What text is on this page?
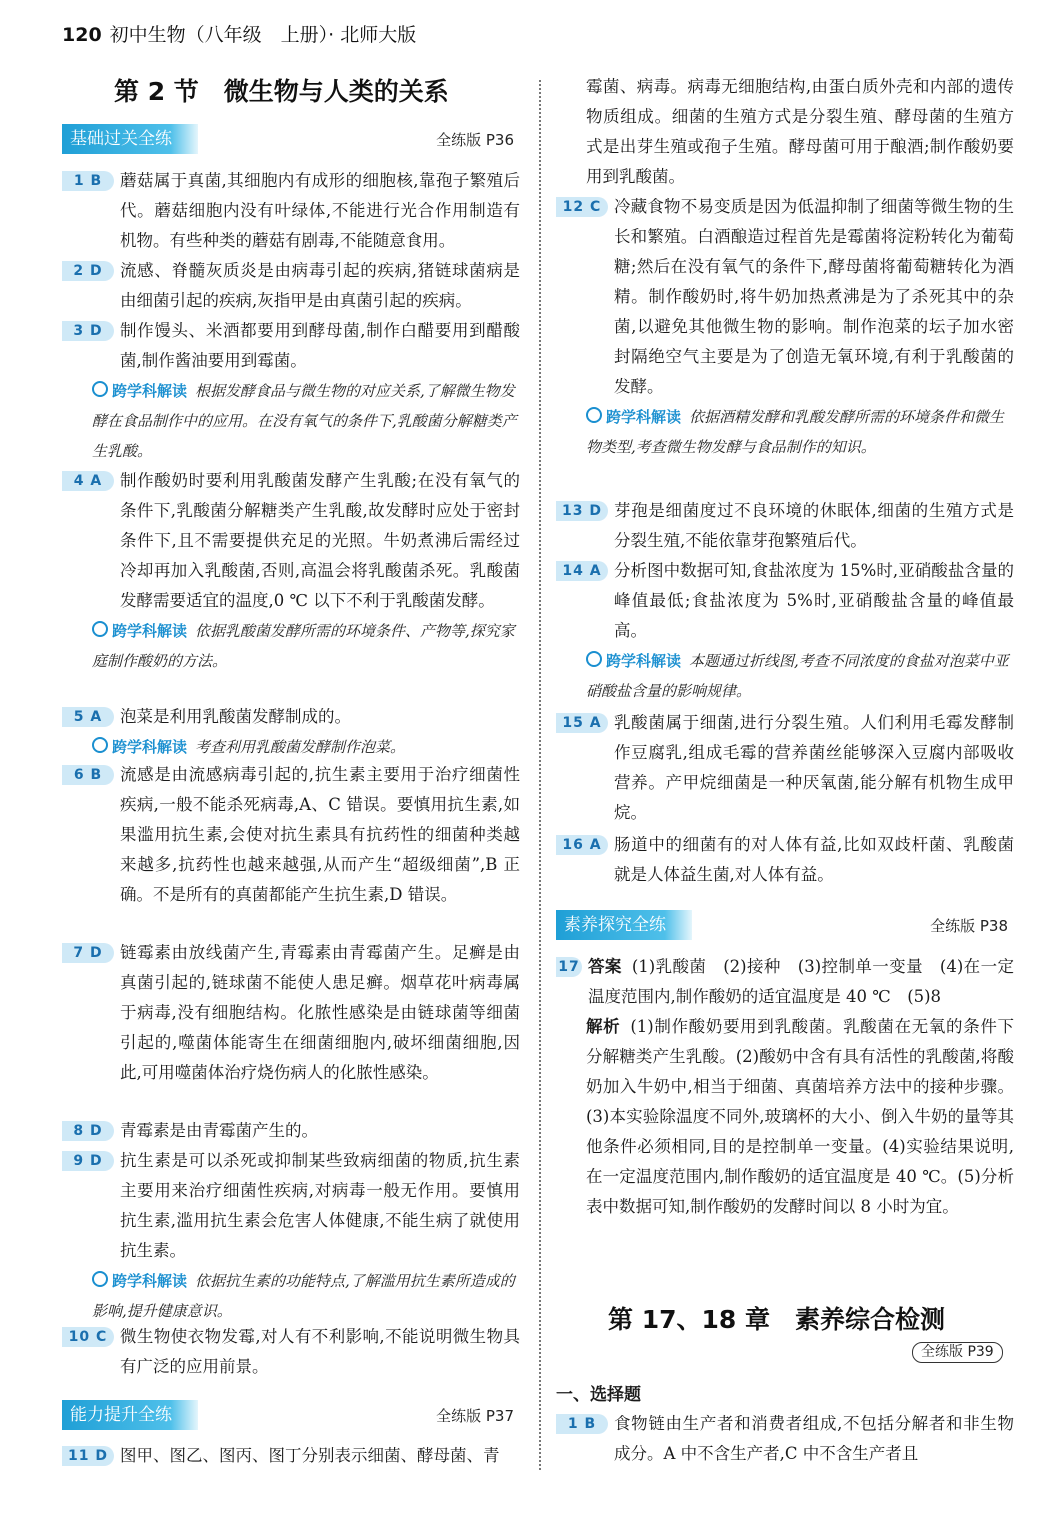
120 初中生物（八年级　上册）· 北师大版
第 2 节　微生物与人类的关系
基础过关全练	全练版 P36
1 B	蘑菇属于真菌,其细胞内有成形的细胞核,靠孢子繁殖后代。蘑菇细胞内没有叶绿体,不能进行光合作用制造有机物。有些种类的蘑菇有剧毒,不能随意食用。
2 D	流感、脊髓灰质炎是由病毒引起的疾病,猪链球菌病是由细菌引起的疾病,灰指甲是由真菌引起的疾病。
3 D	制作馒头、米酒都要用到酵母菌,制作白醋要用到醋酸菌,制作酱油要用到霉菌。
跨学科解读 根据发酵食品与微生物的对应关系,了解微生物发酵在食品制作中的应用。在没有氧气的条件下,乳酸菌分解糖类产生乳酸。
4 A	制作酸奶时要利用乳酸菌发酵产生乳酸;在没有氧气的条件下,乳酸菌分解糖类产生乳酸,故发酵时应处于密封条件下,且不需要提供充足的光照。牛奶煮沸后需经过冷却再加入乳酸菌,否则,高温会将乳酸菌杀死。乳酸菌发酵需要适宜的温度,0 ℃ 以下不利于乳酸菌发酵。
跨学科解读 依据乳酸菌发酵所需的环境条件、产物等,探究家庭制作酸奶的方法。
5 A	泡菜是利用乳酸菌发酵制成的。
跨学科解读 考查利用乳酸菌发酵制作泡菜。
6 B	流感是由流感病毒引起的,抗生素主要用于治疗细菌性疾病,一般不能杀死病毒,A、C 错误。要慎用抗生素,如果滥用抗生素,会使对抗生素具有抗药性的细菌种类越来越多,抗药性也越来越强,从而产生“超级细菌”,B 正确。不是所有的真菌都能产生抗生素,D 错误。
7 D	链霉素由放线菌产生,青霉素由青霉菌产生。足癣是由真菌引起的,链球菌不能使人患足癣。烟草花叶病毒属于病毒,没有细胞结构。化脓性感染是由链球菌等细菌引起的,噬菌体能寄生在细菌细胞内,破坏细菌细胞,因此,可用噬菌体治疗烧伤病人的化脓性感染。
8 D	青霉素是由青霉菌产生的。
9 D	抗生素是可以杀死或抑制某些致病细菌的物质,抗生素主要用来治疗细菌性疾病,对病毒一般无作用。要慎用抗生素,滥用抗生素会危害人体健康,不能生病了就使用抗生素。
跨学科解读 依据抗生素的功能特点,了解滥用抗生素所造成的影响,提升健康意识。
10 C 微生物使衣物发霉,对人有不利影响,不能说明微生物具有广泛的应用前景。
能力提升全练	全练版 P37
11 D 图甲、图乙、图丙、图丁分别表示细菌、酵母菌、青
霉菌、病毒。病毒无细胞结构,由蛋白质外壳和内部的遗传物质组成。细菌的生殖方式是分裂生殖、酵母菌的生殖方式是出芽生殖或孢子生殖。酵母菌可用于酿酒;制作酸奶要用到乳酸菌。
12 C 冷藏食物不易变质是因为低温抑制了细菌等微生物的生长和繁殖。白酒酿造过程首先是霉菌将淀粉转化为葡萄糖;然后在没有氧气的条件下,酵母菌将葡萄糖转化为酒精。制作酸奶时,将牛奶加热煮沸是为了杀死其中的杂菌,以避免其他微生物的影响。制作泡菜的坛子加水密封隔绝空气主要是为了创造无氧环境,有利于乳酸菌的发酵。
跨学科解读 依据酒精发酵和乳酸发酵所需的环境条件和微生物类型,考查微生物发酵与食品制作的知识。
13 D 芽孢是细菌度过不良环境的休眠体,细菌的生殖方式是分裂生殖,不能依靠芽孢繁殖后代。
14 A 分析图中数据可知,食盐浓度为 15%时,亚硝酸盐含量的峰值最低;食盐浓度为 5%时,亚硝酸盐含量的峰值最高。
跨学科解读 本题通过折线图,考查不同浓度的食盐对泡菜中亚硝酸盐含量的影响规律。
15 A 乳酸菌属于细菌,进行分裂生殖。人们利用毛霉发酵制作豆腐乳,组成毛霉的营养菌丝能够深入豆腐内部吸收营养。产甲烷细菌是一种厌氧菌,能分解有机物生成甲烷。
16 A 肠道中的细菌有的对人体有益,比如双歧杆菌、乳酸菌就是人体益生菌,对人体有益。
素养探究全练	全练版 P38
17 答案 (1)乳酸菌　(2)接种　(3)控制单一变量　(4)在一定温度范围内,制作酸奶的适宜温度是 40 ℃　(5)8
解析 (1)制作酸奶要用到乳酸菌。乳酸菌在无氧的条件下分解糖类产生乳酸。(2)酸奶中含有具有活性的乳酸菌,将酸奶加入牛奶中,相当于细菌、真菌培养方法中的接种步骤。(3)本实验除温度不同外,玻璃杯的大小、倒入牛奶的量等其他条件必须相同,目的是控制单一变量。(4)实验结果说明,在一定温度范围内,制作酸奶的适宜温度是 40 ℃。(5)分析表中数据可知,制作酸奶的发酵时间以 8 小时为宜。
第 17、18 章　素养综合检测
全练版 P39
一、选择题
1 B	食物链由生产者和消费者组成,不包括分解者和非生物成分。A 中不含生产者,C 中不含生产者且
